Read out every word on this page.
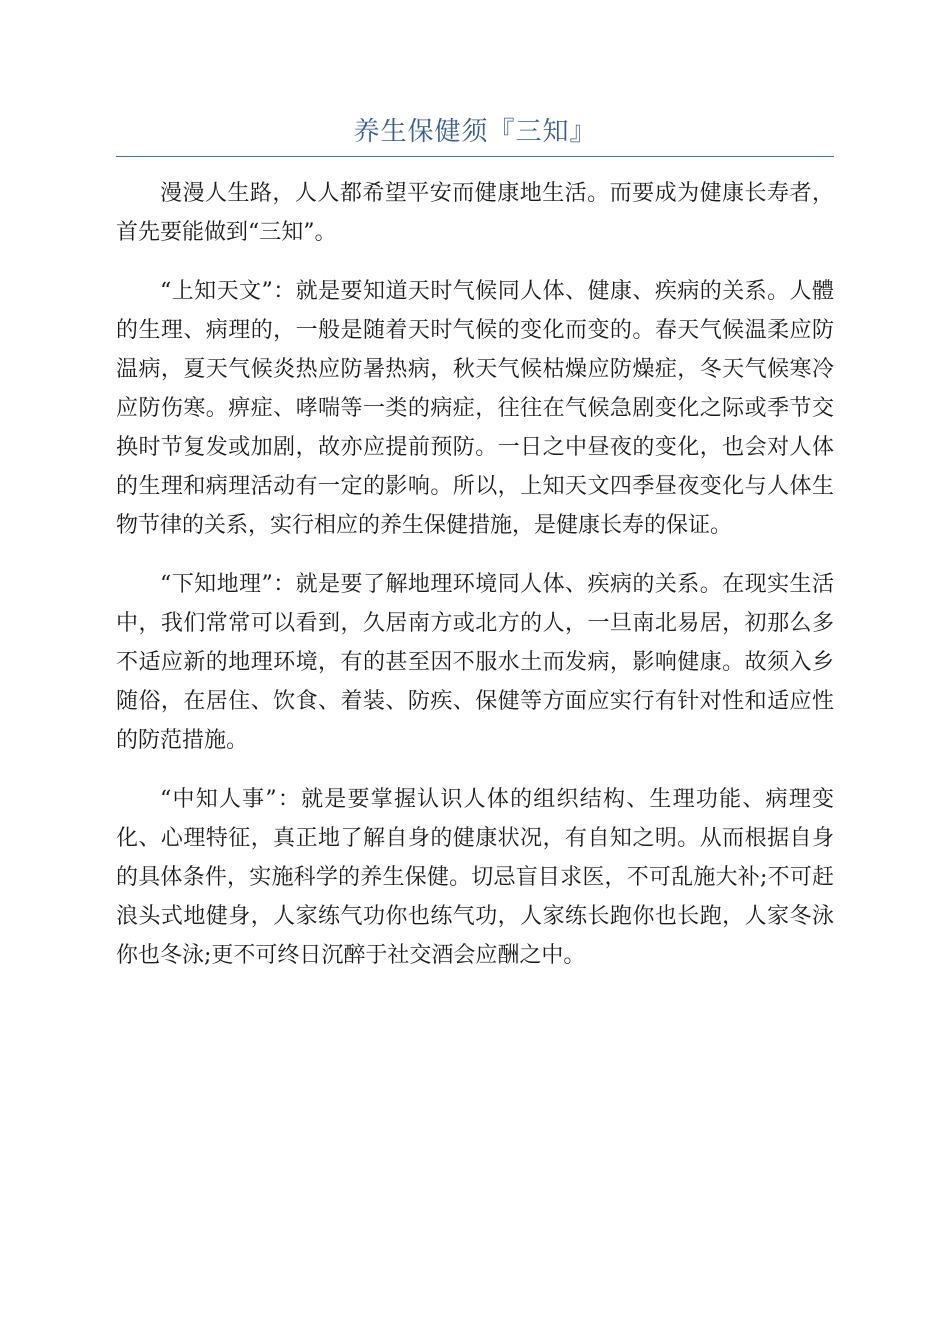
养生保健须『三知』

漫漫人生路，人人都希望平安而健康地生活。而要成为健康长寿者，首先要能做到“三知”。

“上知天文”：就是要知道天时气候同人体、健康、疾病的关系。人體的生理、病理的，一般是随着天时气候的变化而变的。春天气候温柔应防温病，夏天气候炎热应防暑热病，秋天气候枯燥应防燥症，冬天气候寒冷应防伤寒。痹症、哮喘等一类的病症，往往在气候急剧变化之际或季节交换时节复发或加剧，故亦应提前预防。一日之中昼夜的变化，也会对人体的生理和病理活动有一定的影响。所以，上知天文四季昼夜变化与人体生物节律的关系，实行相应的养生保健措施，是健康长寿的保证。

“下知地理”：就是要了解地理环境同人体、疾病的关系。在现实生活中，我们常常可以看到，久居南方或北方的人，一旦南北易居，初那么多不适应新的地理环境，有的甚至因不服水土而发病，影响健康。故须入乡随俗，在居住、饮食、着装、防疾、保健等方面应实行有针对性和适应性的防范措施。

“中知人事”：就是要掌握认识人体的组织结构、生理功能、病理变化、心理特征，真正地了解自身的健康状况，有自知之明。从而根据自身的具体条件，实施科学的养生保健。切忌盲目求医，不可乱施大补;不可赶浪头式地健身，人家练气功你也练气功，人家练长跑你也长跑，人家冬泳你也冬泳;更不可终日沉醉于社交酒会应酬之中。
